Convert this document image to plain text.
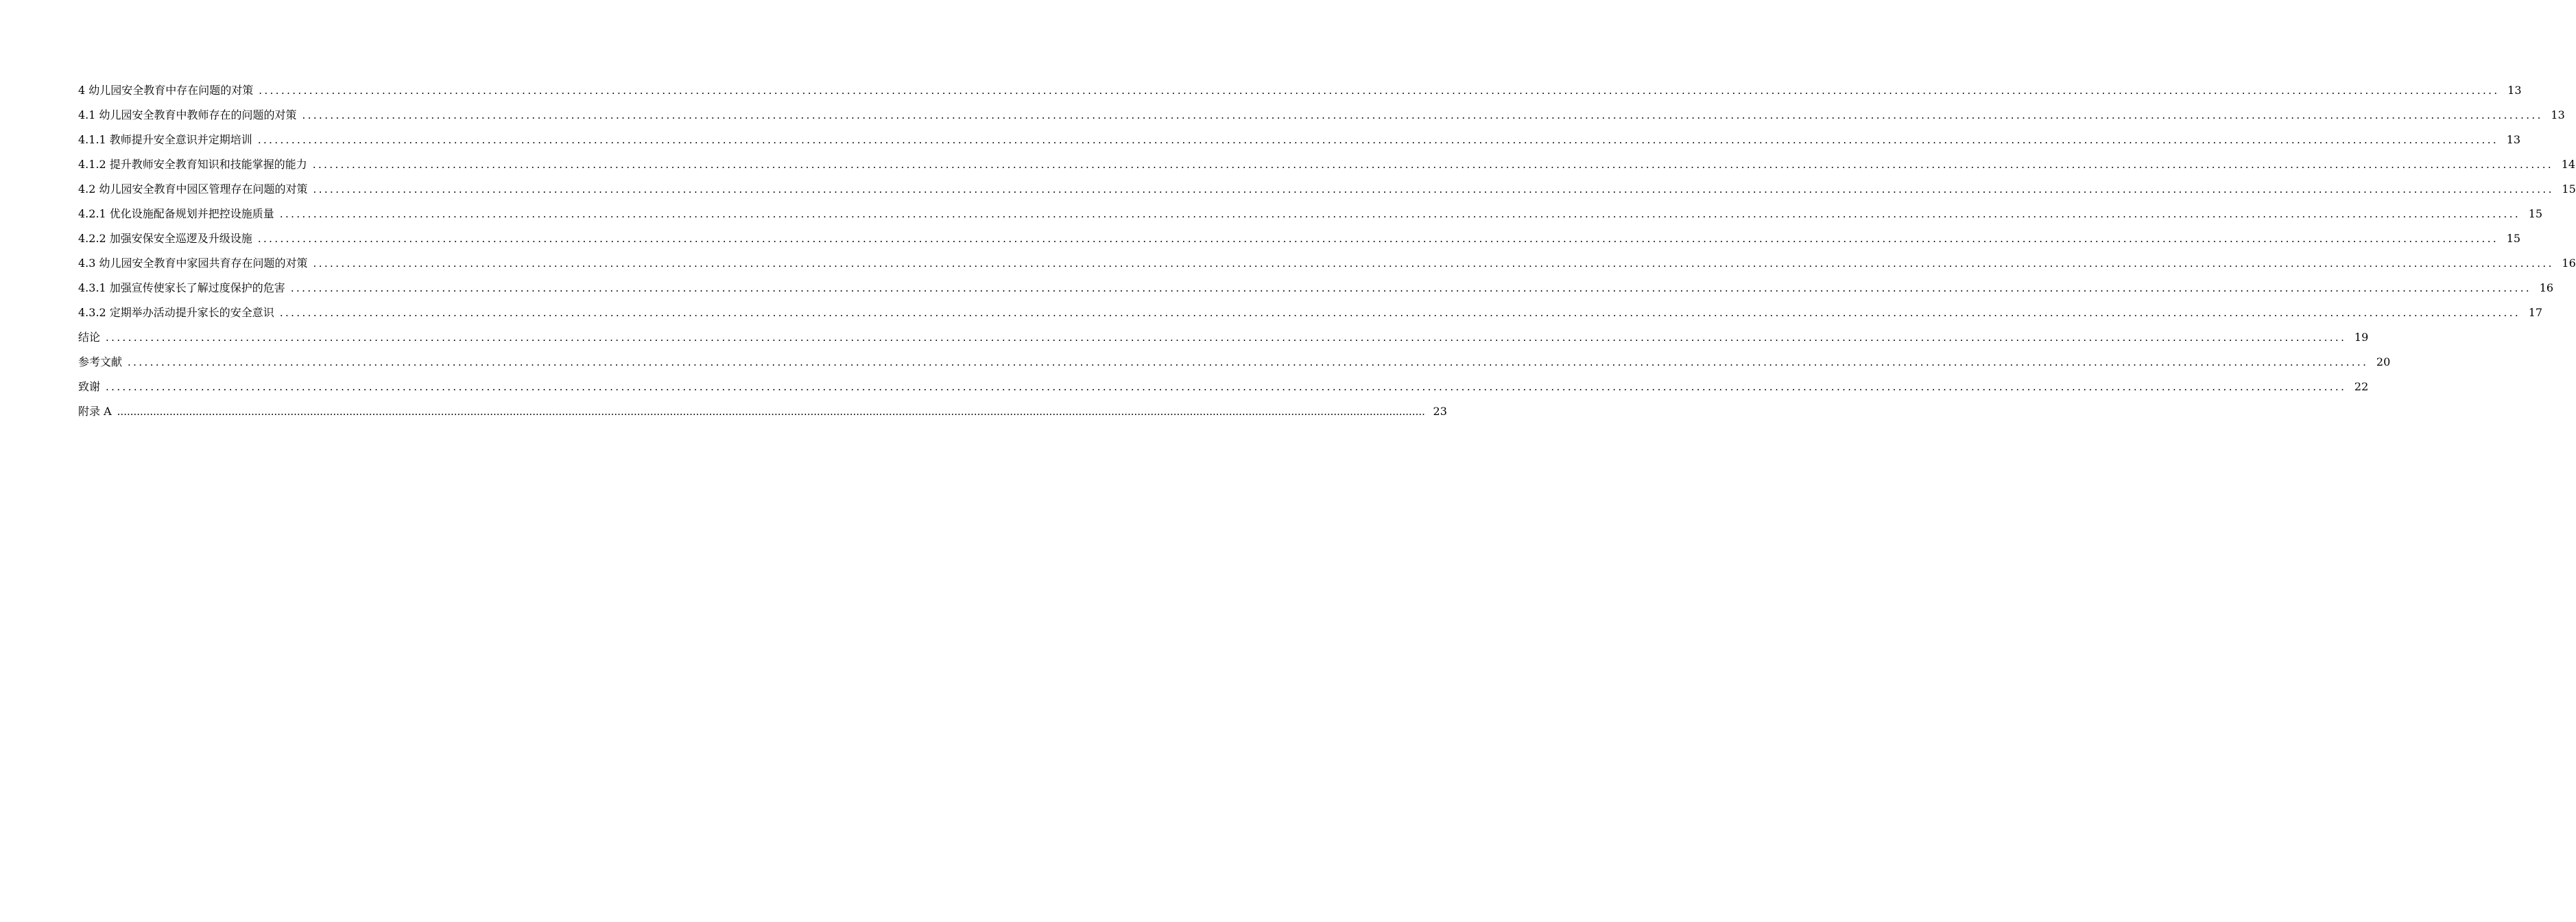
4 幼儿园安全教育中存在问题的对策 ................................................................................................................................................................................................................................................................................................................................................................................................................ 13
4.1 幼儿园安全教育中教师存在的问题的对策 ................................................................................................................................................................................................................................................................................................................................................................................................................ 13
4.1.1 教师提升安全意识并定期培训 ................................................................................................................................................................................................................................................................................................................................................................................................................ 13
4.1.2 提升教师安全教育知识和技能掌握的能力 ................................................................................................................................................................................................................................................................................................................................................................................................................ 14
4.2 幼儿园安全教育中园区管理存在问题的对策 ................................................................................................................................................................................................................................................................................................................................................................................................................ 15
4.2.1 优化设施配备规划并把控设施质量 ................................................................................................................................................................................................................................................................................................................................................................................................................ 15
4.2.2 加强安保安全巡逻及升级设施 ................................................................................................................................................................................................................................................................................................................................................................................................................ 15
4.3 幼儿园安全教育中家园共育存在问题的对策 ................................................................................................................................................................................................................................................................................................................................................................................................................ 16
4.3.1 加强宣传使家长了解过度保护的危害 ................................................................................................................................................................................................................................................................................................................................................................................................................ 16
4.3.2 定期举办活动提升家长的安全意识 ................................................................................................................................................................................................................................................................................................................................................................................................................ 17
结论 ................................................................................................................................................................................................................................................................................................................................................................................................................ 19
参考文献 ................................................................................................................................................................................................................................................................................................................................................................................................................ 20
致谢 ................................................................................................................................................................................................................................................................................................................................................................................................................ 22
附录 A ................................................................................................................................................................................................................................................................................................................................................................................................................ 23
